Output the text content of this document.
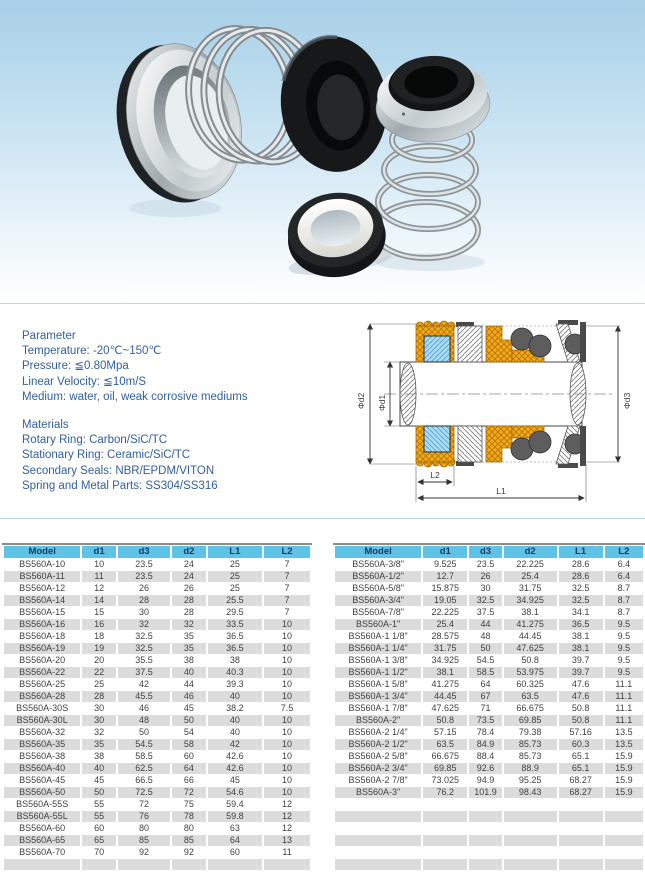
Parameter

Temperature: -20℃~150℃

Pressure: ≦0.80Mpa

Linear Velocity: ≦10m/S

Medium: water, oil, weak corrosive mediums

Materials

Rotary Ring: Carbon/SiC/TC

Stationary Ring: Ceramic/SiC/TC

Secondary Seals: NBR/EPDM/VITON

Spring and Metal Parts: SS304/SS316

Φd2 Φd1	Φd3
L2
L1
Model	d1	d3	d2	L1	L2
BS560A-10	10	23.5	24	25	7
BS560A-11	11	23.5	24	25	7
BS560A-12	12	26	26	25	7
BS560A-14	14	28	28	25.5	7
BS560A-15	15	30	28	29.5	7
BS560A-16	16	32	32	33.5	10
BS560A-18	18	32.5	35	36.5	10
BS560A-19	19	32.5	35	36.5	10
BS560A-20	20	35.5	38	38	10
BS560A-22	22	37.5	40	40.3	10
BS560A-25	25	42	44	39.3	10
BS560A-28	28	45.5	46	40	10
BS560A-30S	30	46	45	38.2	7.5
BS560A-30L	30	48	50	40	10
BS560A-32	32	50	54	40	10
BS560A-35	35	54.5	58	42	10
BS560A-38	38	58.5	60	42.6	10
BS560A-40	40	62.5	64	42.6	10
BS560A-45	45	66.5	66	45	10
BS560A-50	50	72.5	72	54.6	10
BS560A-55S	55	72	75	59.4	12
BS560A-55L	55	76	78	59.8	12
BS560A-60	60	80	80	63	12
BS560A-65	65	85	85	64	13
BS560A-70	70	92	92	60	11

Model	d1	d3	d2	L1	L2
BS560A-3/8"	9.525	23.5	22.225	28.6	6.4
BS560A-1/2"	12.7	26	25.4	28.6	6.4
BS560A-5/8"	15.875	30	31.75	32.5	8.7
BS560A-3/4"	19.05	32.5	34.925	32.5	8.7
BS560A-7/8"	22.225	37.5	38.1	34.1	8.7
BS560A-1"	25.4	44	41.275	36.5	9.5
BS560A-1 1/8"	28.575	48	44.45	38.1	9.5
BS560A-1 1/4"	31.75	50	47.625	38.1	9.5
BS560A-1 3/8"	34.925	54.5	50.8	39.7	9.5
BS560A-1 1/2"	38.1	58.5	53.975	39.7	9.5
BS560A-1 5/8"	41.275	64	60.325	47.6	11.1
BS560A-1 3/4"	44.45	67	63.5	47.6	11.1
BS560A-1 7/8"	47.625	71	66.675	50.8	11.1
BS560A-2"	50.8	73.5	69.85	50.8	11.1
BS560A-2 1/4"	57.15	78.4	79.38	57.16	13.5
BS560A-2 1/2"	63.5	84.9	85.73	60.3	13.5
BS560A-2 5/8"	66.675	88.4	85.73	65.1	15.9
BS560A-2 3/4"	69.85	92.6	88.9	65.1	15.9
BS560A-2 7/8"	73.025	94.9	95.25	68.27	15.9
BS560A-3"	76.2	101.9	98.43	68.27	15.9
